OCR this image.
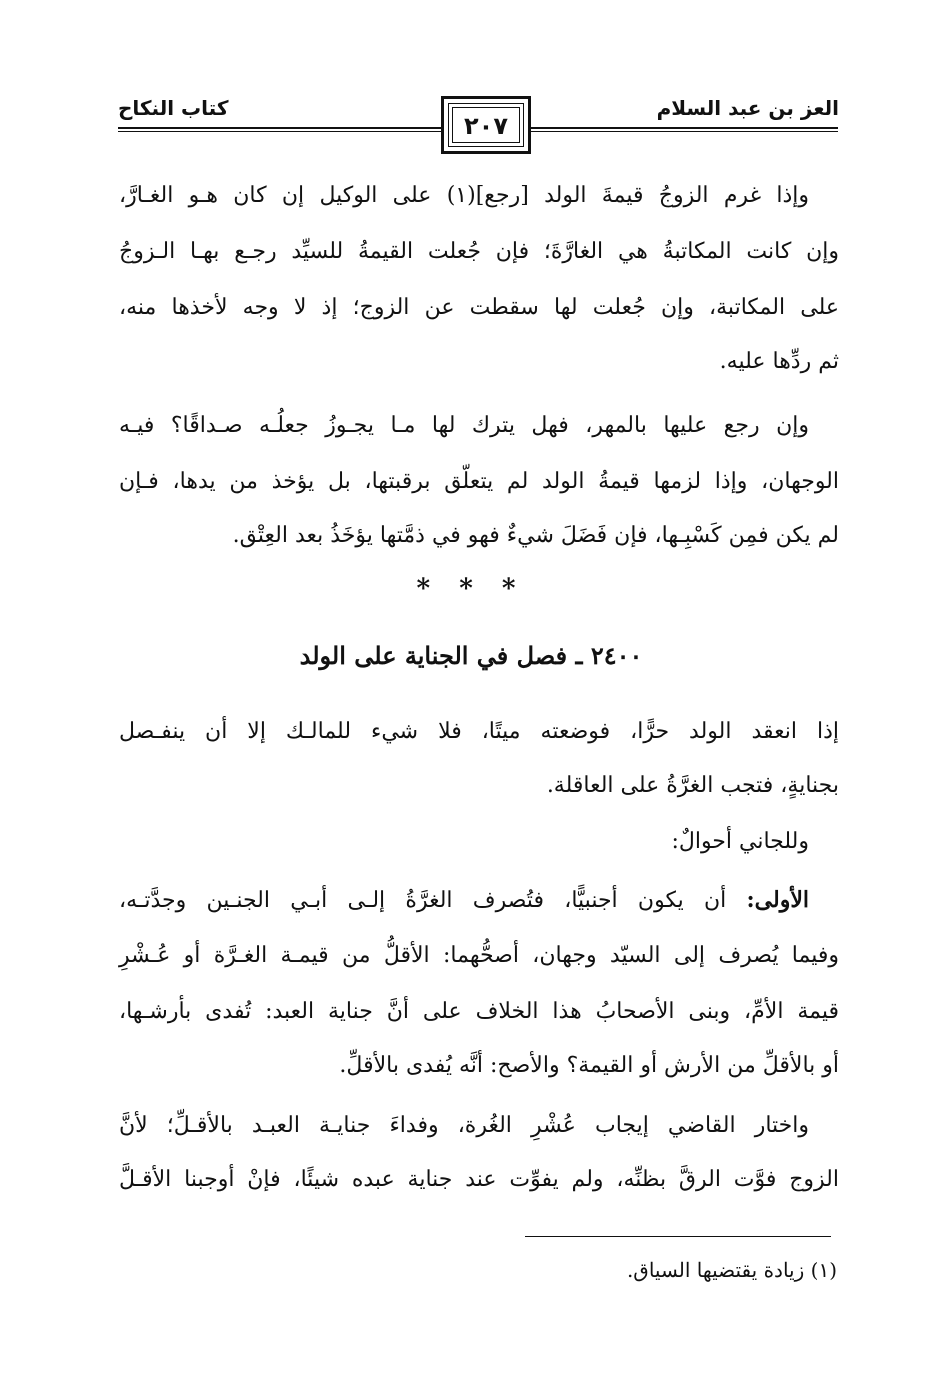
العز بن عبد السلام
كتاب النكاح
٢٠٧
وإذا غرم الزوجُ قيمةَ الولد [رجع](١) على الوكيل إن كان هـو الغـارَّ،
وإن كانت المكاتبةُ هي الغارَّةَ؛ فإن جُعلت القيمةُ للسيِّد رجـع بهـا الـزوجُ
على المكاتبة، وإن جُعلت لها سقطت عن الزوج؛ إذ لا وجه لأخذها منه،
ثم ردِّها عليه.
وإن رجع عليها بالمهر، فهل يترك لها مـا يجـوزُ جعلُـه صـداقًا؟ فيـه
الوجهان، وإذا لزمها قيمةُ الولد لم يتعلّق برقبتها، بل يؤخذ من يدها، فـإن
لم يكن فمِن كَسْبِـها، فإن فَضَلَ شيءٌ فهو في ذمَّتها يؤخَذُ بعد العِتْق.
* * *
٢٤٠٠ ـ فصل في الجناية على الولد
إذا انعقد الولد حرًّا، فوضعته ميتًا، فلا شيء للمالـك إلا أن ينفـصل
بجنايةٍ، فتجب الغرَّةُ على العاقلة.
وللجاني أحوالٌ:
الأولى: أن يكون أجنبيًّا، فتُصرف الغرَّةُ إلـى أبـي الجنـين وجدَّتـه،
وفيما يُصرف إلى السيّد وجهان، أصحُّهما: الأقلُّ من قيمـة الغـرَّة أو عُـشْرِ
قيمة الأمِّ، وبنى الأصحابُ هذا الخلاف على أنَّ جناية العبد: تُفدى بأرشـها،
أو بالأقلِّ من الأرش أو القيمة؟ والأصح: أنَّه يُفدى بالأقلِّ.
واختار القاضي إيجاب عُشْرِ الغُرة، وفداءَ جنايـة العبـد بالأقـلِّ؛ لأنَّ
الزوج فوَّت الرقَّ بظنِّه، ولم يفوِّت عند جناية عبده شيئًا، فإنْ أوجبنا الأقـلَّ
(١) زيادة يقتضيها السياق.
